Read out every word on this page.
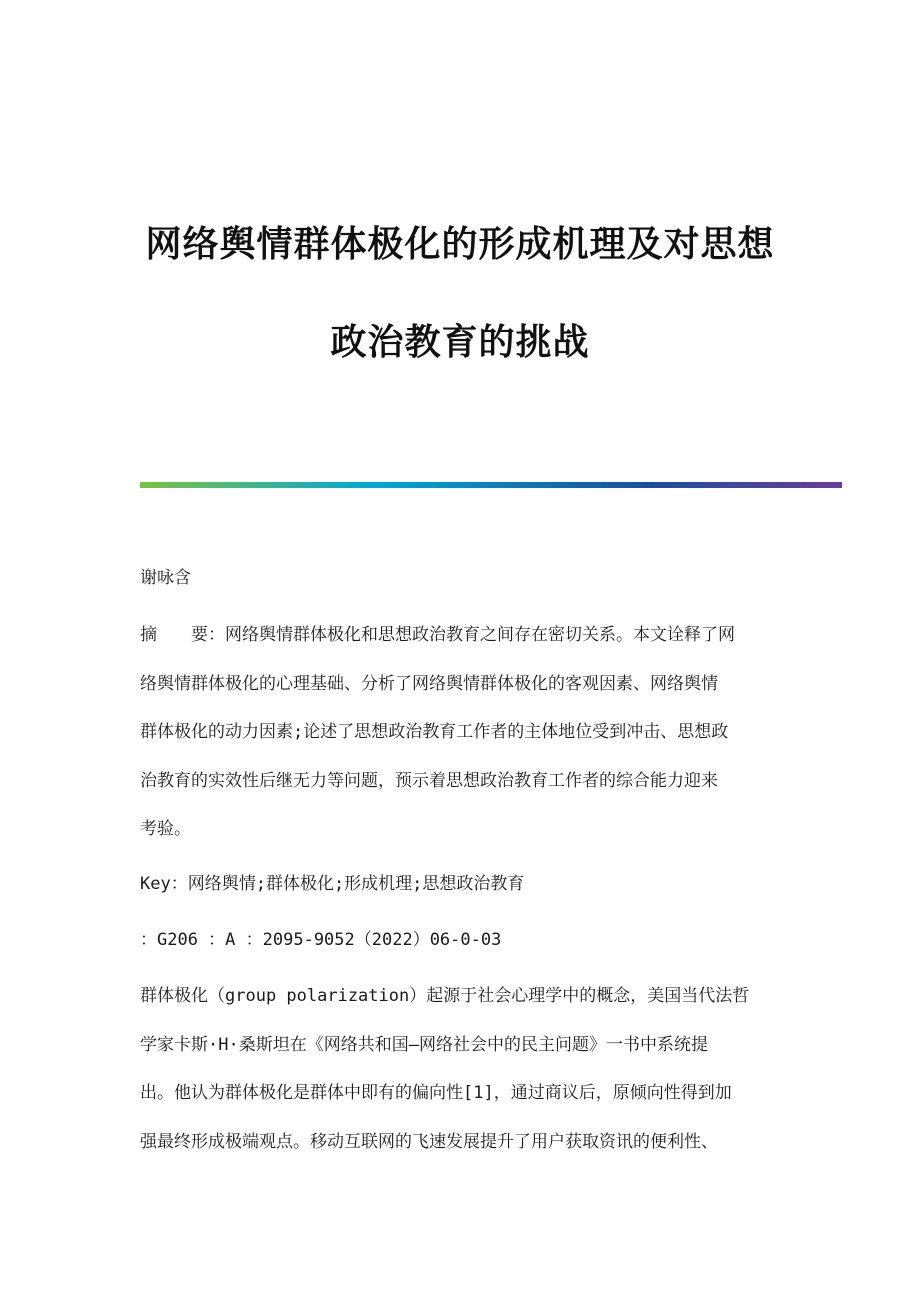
网络舆情群体极化的形成机理及对思想
政治教育的挑战
谢咏含
摘　　要：网络舆情群体极化和思想政治教育之间存在密切关系。本文诠释了网
络舆情群体极化的心理基础、分析了网络舆情群体极化的客观因素、网络舆情
群体极化的动力因素;论述了思想政治教育工作者的主体地位受到冲击、思想政
治教育的实效性后继无力等问题，预示着思想政治教育工作者的综合能力迎来
考验。
Key：网络舆情;群体极化;形成机理;思想政治教育
：G206 ：A ：2095-9052（2022）06-0-03
群体极化（group polarization）起源于社会心理学中的概念，美国当代法哲
学家卡斯·H·桑斯坦在《网络共和国—网络社会中的民主问题》一书中系统提
出。他认为群体极化是群体中即有的偏向性[1]，通过商议后，原倾向性得到加
强最终形成极端观点。移动互联网的飞速发展提升了用户获取资讯的便利性、
